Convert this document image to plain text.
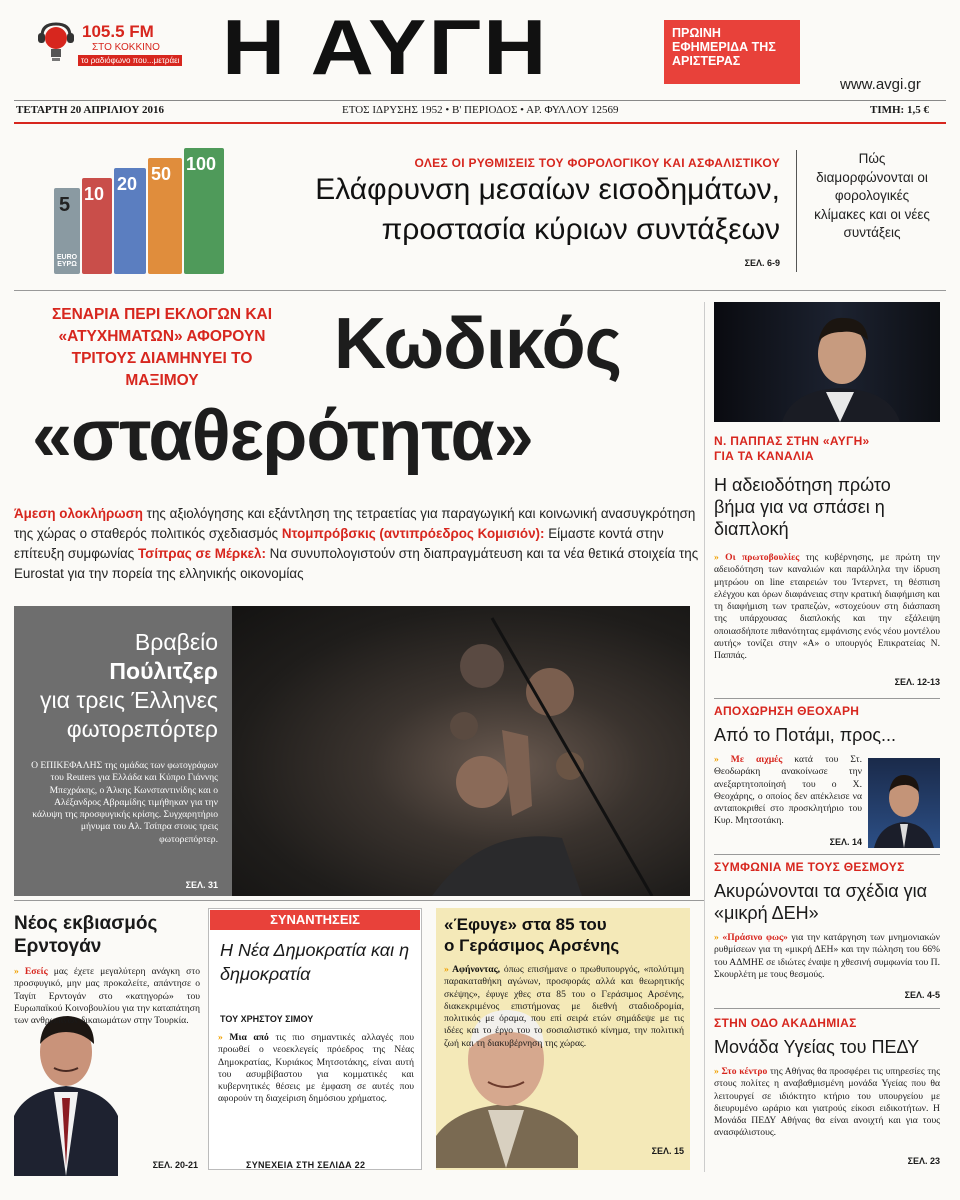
105.5 FM
ΣΤΟ ΚΟΚΚΙΝΟ
το ραδιόφωνο που...μετράει Η ΑΥΓΗ	ΠΡΩΙΝΗ ΕΦΗΜΕΡΙΔΑ ΤΗΣ ΑΡΙΣΤΕΡΑΣ
www.avgi.gr
ΤΕΤΑΡΤΗ 20 ΑΠΡΙΛΙΟΥ 2016	ΕΤΟΣ ΙΔΡΥΣΗΣ 1952 • Β' ΠΕΡΙΟΔΟΣ • ΑΡ. ΦΥΛΛΟΥ 12569	ΤΙΜΗ: 1,5 €
5 10 20 50 100
EURO ΕΥΡΩ
ΟΛΕΣ ΟΙ ΡΥΘΜΙΣΕΙΣ ΤΟΥ ΦΟΡΟΛΟΓΙΚΟΥ ΚΑΙ ΑΣΦΑΛΙΣΤΙΚΟΥ
Ελάφρυνση μεσαίων εισοδημάτων,
προστασία κύριων συντάξεων
ΣΕΛ. 6-9
Πώς διαμορφώνονται οι φορολογικές κλίμακες και οι νέες συντάξεις
ΣΕΝΑΡΙΑ ΠΕΡΙ ΕΚΛΟΓΩΝ ΚΑΙ «ΑΤΥΧΗΜΑΤΩΝ» ΑΦΟΡΟΥΝ ΤΡΙΤΟΥΣ ΔΙΑΜΗΝΥΕΙ ΤΟ ΜΑΞΙΜΟΥ	Κωδικός
«σταθερότητα»
Άμεση ολοκλήρωση της αξιολόγησης και εξάντληση της τετραετίας για παραγωγική και κοινωνική ανασυγκρότηση της χώρας ο σταθερός πολιτικός σχεδιασμός Ντομπρόβσκις (αντιπρόεδρος Κομισιόν): Είμαστε κοντά στην επίτευξη συμφωνίας Τσίπρας σε Μέρκελ: Να συνυπολογιστούν στη διαπραγμάτευση και τα νέα θετικά στοιχεία της Eurostat για την πορεία της ελληνικής οικονομίας
Βραβείο
Πούλιτζερ
για τρεις Έλληνες
φωτορεπόρτερ
Ο ΕΠΙΚΕΦΑΛΗΣ της ομάδας των φωτογράφων του Reuters για Ελλάδα και Κύπρο Γιάννης Μπεχράκης, ο Άλκης Κωνσταντινίδης και ο Αλέξανδρος Αβραμίδης τιμήθηκαν για την κάλυψη της προσφυγικής κρίσης. Συγχαρητήριο μήνυμα του Αλ. Τσίπρα στους τρεις φωτορεπόρτερ.
ΣΕΛ. 31
Ν. ΠΑΠΠΑΣ ΣΤΗΝ «ΑΥΓΗ»
ΓΙΑ ΤΑ ΚΑΝΑΛΙΑ
Η αδειοδότηση πρώτο βήμα για να σπάσει η διαπλοκή
» Οι πρωτοβουλίες της κυβέρνησης, με πρώτη την αδειοδότηση των καναλιών και παράλληλα την ίδρυση μητρώου on line εταιρειών του Ίντερνετ, τη θέσπιση ελέγχου και όρων διαφάνειας στην κρατική διαφήμιση και τη διαφήμιση των τραπεζών, «στοχεύουν στη διάσπαση της υπάρχουσας διαπλοκής και την εξάλειψη οποιασδήποτε πιθανότητας εμφάνισης ενός νέου μοντέλου αυτής» τονίζει στην «Α» ο υπουργός Επικρατείας Ν. Παππάς.
ΣΕΛ. 12-13
ΑΠΟΧΩΡΗΣΗ ΘΕΟΧΑΡΗ
Από το Ποτάμι, προς...
» Με αιχμές κατά του Στ. Θεοδωράκη ανακοίνωσε την ανεξαρτητοποίησή του ο Χ. Θεοχάρης, ο οποίος δεν απέκλεισε να ανταποκριθεί στο προσκλητήριο του Κυρ. Μητσοτάκη.
ΣΕΛ. 14
ΣΥΜΦΩΝΙΑ ΜΕ ΤΟΥΣ ΘΕΣΜΟΥΣ
Ακυρώνονται τα σχέδια για «μικρή ΔΕΗ»
» «Πράσινο φως» για την κατάργηση των μνημονιακών ρυθμίσεων για τη «μικρή ΔΕΗ» και την πώληση του 66% του ΑΔΜΗΕ σε ιδιώτες έναψε η χθεσινή συμφωνία του Π. Σκουρλέτη με τους θεσμούς.
ΣΕΛ. 4-5
ΣΤΗΝ ΟΔΟ ΑΚΑΔΗΜΙΑΣ
Μονάδα Υγείας του ΠΕΔΥ
» Στο κέντρο της Αθήνας θα προσφέρει τις υπηρεσίες της στους πολίτες η αναβαθμισμένη μονάδα Υγείας που θα λειτουργεί σε ιδιόκτητο κτήριο του υπουργείου με διευρυμένο ωράριο και γιατρούς είκοσι ειδικοτήτων. Η Μονάδα ΠΕΔΥ Αθήνας θα είναι ανοιχτή και για τους ανασφάλιστους.
ΣΕΛ. 23
Νέος εκβιασμός Ερντογάν
» Εσείς μας έχετε μεγαλύτερη ανάγκη στο προσφυγικό, μην μας προκαλείτε, απάντησε ο Ταγίπ Ερντογάν στο «κατηγορώ» του Ευρωπαϊκού Κοινοβουλίου για την καταπάτηση των ανθρωπίνων δικαιωμάτων στην Τουρκία.
ΣΕΛ. 20-21
ΣΥΝΑΝΤΗΣΕΙΣ
Η Νέα Δημοκρατία και η δημοκρατία
ΤΟΥ ΧΡΗΣΤΟΥ ΣΙΜΟΥ
» Μια από τις πιο σημαντικές αλλαγές που προωθεί ο νεοεκλεγείς πρόεδρος της Νέας Δημοκρατίας, Κυριάκος Μητσοτάκης, είναι αυτή του ασυμβίβαστου για κομματικές και κυβερνητικές θέσεις με έμφαση σε αυτές που αφορούν τη διαχείριση δημόσιου χρήματος.
ΣΥΝΕΧΕΙΑ ΣΤΗ ΣΕΛΙΔΑ 22
«Έφυγε» στα 85 του
ο Γεράσιμος Αρσένης
» Αφήνοντας, όπως επισήμανε ο πρωθυπουργός, «πολύτιμη παρακαταθήκη αγώνων, προσφοράς αλλά και θεωρητικής σκέψης», έφυγε χθες στα 85 του ο Γεράσιμος Αρσένης, διακεκριμένος επιστήμονας με διεθνή σταδιοδρομία, πολιτικός με όραμα, που επί σειρά ετών σημάδεψε με τις ιδέες και το έργο του το σοσιαλιστικό κίνημα, την πολιτική ζωή και τη διακυβέρνηση της χώρας.
ΣΕΛ. 15
